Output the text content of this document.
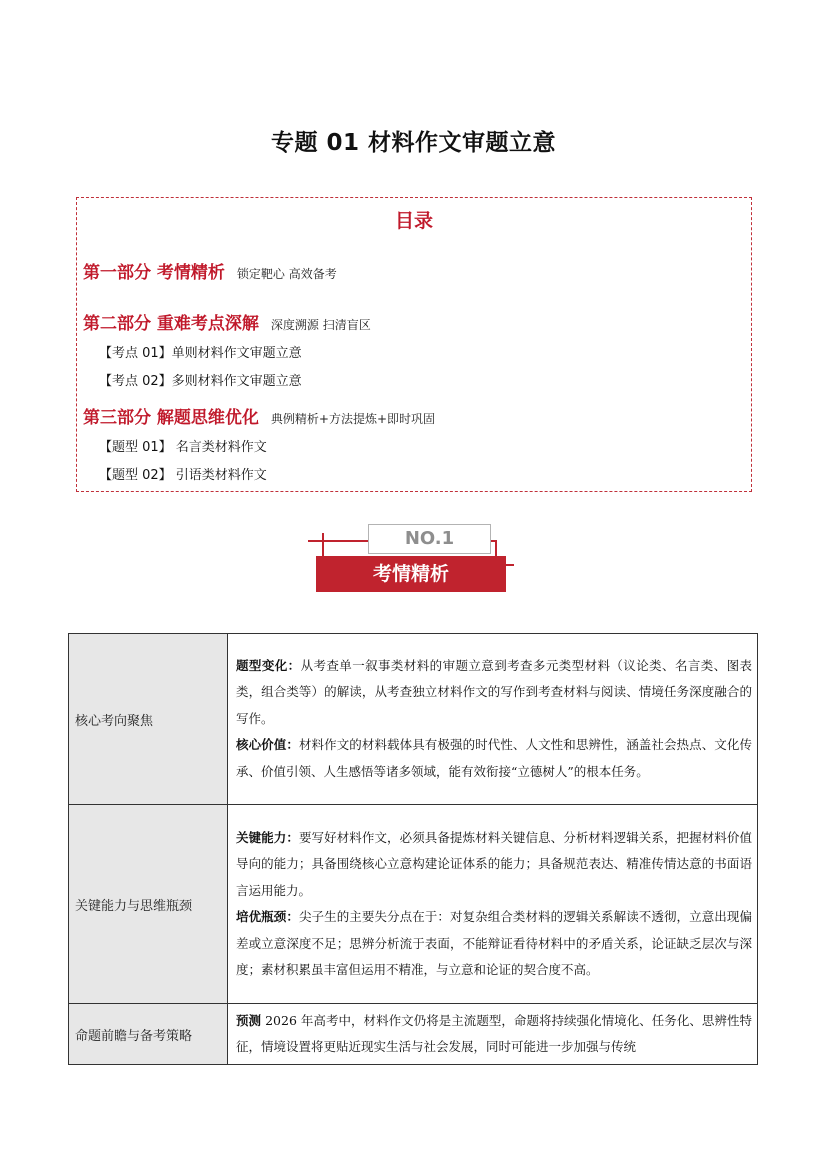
专题 01 材料作文审题立意
目录
第一部分 考情精析 锁定靶心 高效备考
第二部分 重难考点深解 深度溯源 扫清盲区
【考点 01】单则材料作文审题立意
【考点 02】多则材料作文审题立意
第三部分 解题思维优化 典例精析+方法提炼+即时巩固
【题型 01】 名言类材料作文
【题型 02】 引语类材料作文
NO.1
考情精析
核心考向聚焦	题型变化：从考查单一叙事类材料的审题立意到考查多元类型材料（议论类、名言类、图表类，组合类等）的解读，从考查独立材料作文的写作到考查材料与阅读、情境任务深度融合的写作。
核心价值：材料作文的材料载体具有极强的时代性、人文性和思辨性，涵盖社会热点、文化传承、价值引领、人生感悟等诸多领域，能有效衔接“立德树人”的根本任务。

关键能力与思维瓶颈	关键能力：要写好材料作文，必须具备提炼材料关键信息、分析材料逻辑关系，把握材料价值导向的能力；具备围绕核心立意构建论证体系的能力；具备规范表达、精准传情达意的书面语言运用能力。
培优瓶颈：尖子生的主要失分点在于：对复杂组合类材料的逻辑关系解读不透彻，立意出现偏差或立意深度不足；思辨分析流于表面，不能辩证看待材料中的矛盾关系，论证缺乏层次与深度；素材积累虽丰富但运用不精准，与立意和论证的契合度不高。

命题前瞻与备考策略	预测 2026 年高考中，材料作文仍将是主流题型，命题将持续强化情境化、任务化、思辨性特征，情境设置将更贴近现实生活与社会发展，同时可能进一步加强与传统
